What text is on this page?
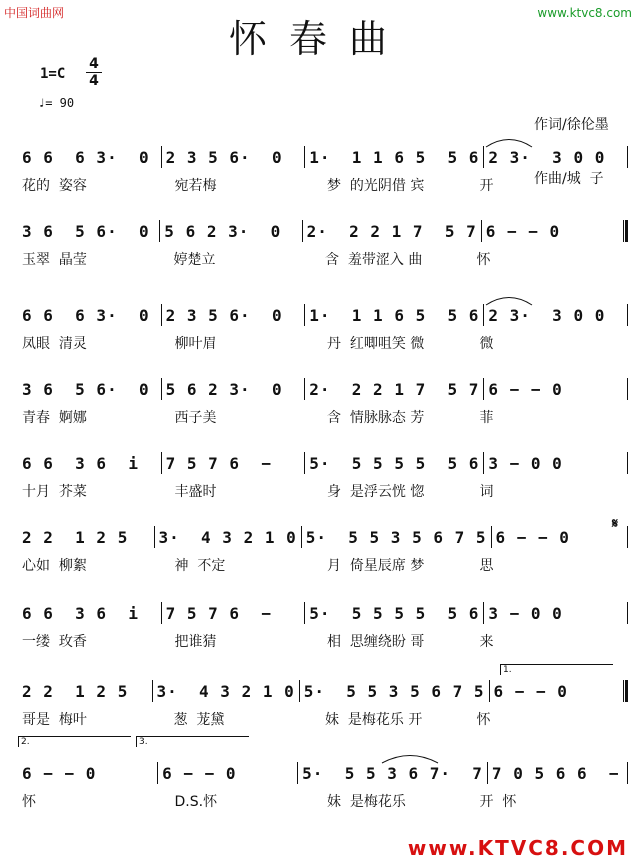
中国词曲网	www.ktvc8.com
怀春曲
1=C
4
4
♩= 90

作词/徐伦墨

作曲/城  子

6 6  6 3·  0	2 3 5 6·  0	1·  1 1 6 5  5 6 2 3·  3 0 0
花的  姿容	宛若梅	梦  的光阴借 宾	开
3 6  5 6·  0 5 6 2 3·  0	2·  2 2 1 7  5 7 6 − − 0
玉翠  晶莹	婷楚立	含  羞带涩入 曲	怀
6 6  6 3·  0	2 3 5 6·  0	1·  1 1 6 5  5 6 2 3·  3 0 0
凤眼  清灵	柳叶眉	丹  红唧咀笑 微	微
3 6  5 6·  0	5 6 2 3·  0	2·  2 2 1 7  5 7 6 − − 0
青春  婀娜	西子美	含  情脉脉态 芳	菲
6 6  3 6  i	7 5 7 6  −	5·  5 5 5 5  5 6 3 − 0 0
十月  芥菜	丰盛时	身  是浮云恍 惚	词
2 2  1 2 5	3·  4 3 2 1 0 5·  5 5 3 5 6 7 5 6 − − 0
心如  柳絮	神  不定	月  倚星辰席 梦	思
𝄋
6 6  3 6  i	7 5 7 6  −	5·  5 5 5 5  5 6 3 − 0 0
一缕  玫香	把谁猜	相  思缠绕盼 哥	来
2 2  1 2 5	3·  4 3 2 1 0 5·  5 5 3 5 6 7 5 6 − − 0
哥是  梅叶	葱  茏黛	妹  是梅花乐 开	怀
1.
6 − − 0	6 − − 0	5·  5 5 3 6 7·  7 7 0 5 6 6  −
怀	D.S.怀	妹  是梅花乐	开  怀
2.	3.
www.KTVC8.COM
